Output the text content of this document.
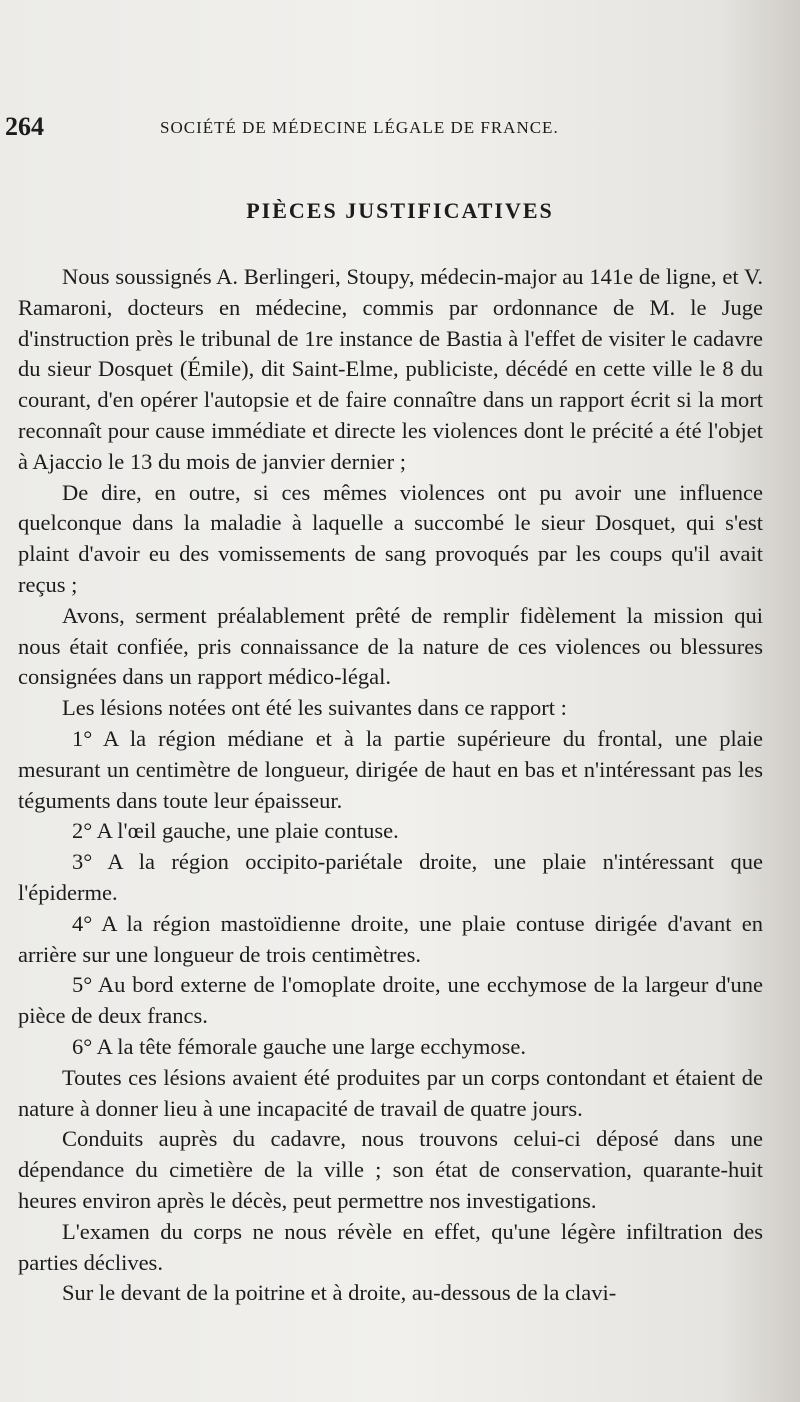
264	SOCIÉTÉ DE MÉDECINE LÉGALE DE FRANCE.
PIÈCES JUSTIFICATIVES

Nous soussignés A. Berlingeri, Stoupy, médecin-major au 141e de ligne, et V. Ramaroni, docteurs en médecine, commis par ordonnance de M. le Juge d'instruction près le tribunal de 1re instance de Bastia à l'effet de visiter le cadavre du sieur Dosquet (Émile), dit Saint-Elme, publiciste, décédé en cette ville le 8 du courant, d'en opérer l'autopsie et de faire connaître dans un rapport écrit si la mort reconnaît pour cause immédiate et directe les violences dont le précité a été l'objet à Ajaccio le 13 du mois de janvier dernier ;

De dire, en outre, si ces mêmes violences ont pu avoir une influence quelconque dans la maladie à laquelle a succombé le sieur Dosquet, qui s'est plaint d'avoir eu des vomissements de sang provoqués par les coups qu'il avait reçus ;

Avons, serment préalablement prêté de remplir fidèlement la mission qui nous était confiée, pris connaissance de la nature de ces violences ou blessures consignées dans un rapport médico-légal.

Les lésions notées ont été les suivantes dans ce rapport :

1° A la région médiane et à la partie supérieure du frontal, une plaie mesurant un centimètre de longueur, dirigée de haut en bas et n'intéressant pas les téguments dans toute leur épaisseur.

2° A l'œil gauche, une plaie contuse.

3° A la région occipito-pariétale droite, une plaie n'intéressant que l'épiderme.

4° A la région mastoïdienne droite, une plaie contuse dirigée d'avant en arrière sur une longueur de trois centimètres.

5° Au bord externe de l'omoplate droite, une ecchymose de la largeur d'une pièce de deux francs.

6° A la tête fémorale gauche une large ecchymose.

Toutes ces lésions avaient été produites par un corps contondant et étaient de nature à donner lieu à une incapacité de travail de quatre jours.

Conduits auprès du cadavre, nous trouvons celui-ci déposé dans une dépendance du cimetière de la ville ; son état de conservation, quarante-huit heures environ après le décès, peut permettre nos investigations.

L'examen du corps ne nous révèle en effet, qu'une légère infiltration des parties déclives.

Sur le devant de la poitrine et à droite, au-dessous de la clavi-
